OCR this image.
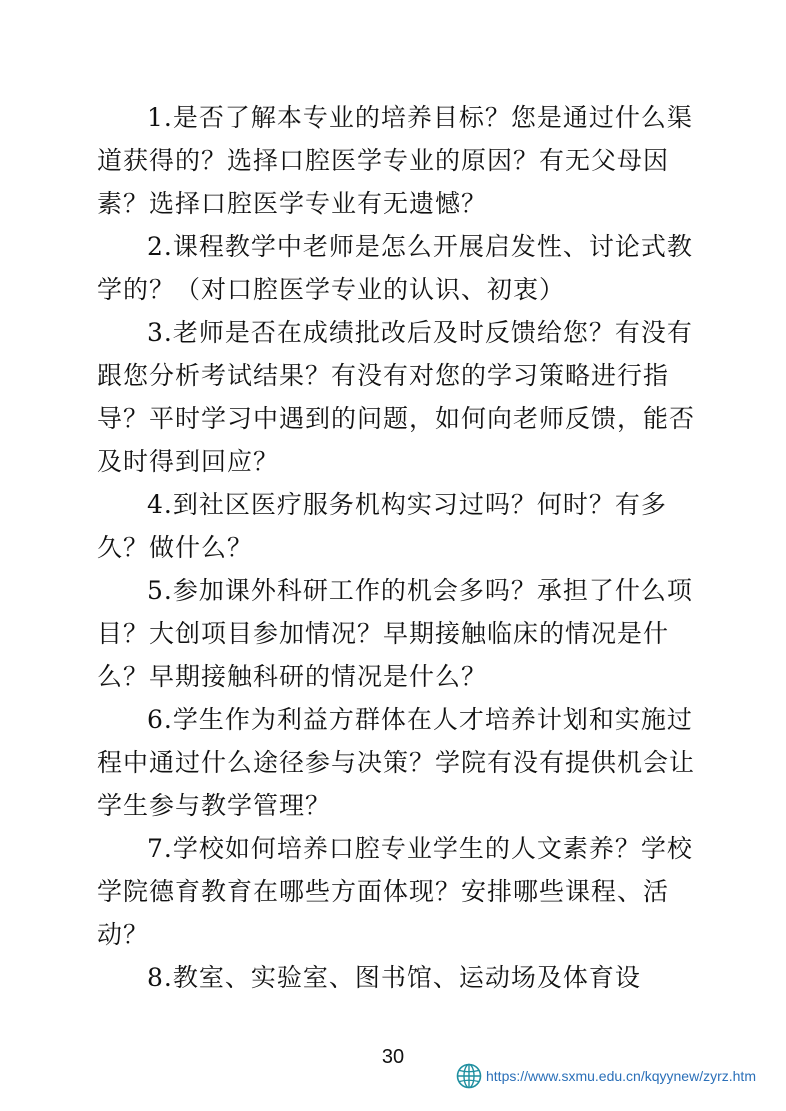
1.是否了解本专业的培养目标？您是通过什么渠道获得的？选择口腔医学专业的原因？有无父母因素？选择口腔医学专业有无遗憾？

2.课程教学中老师是怎么开展启发性、讨论式教学的？（对口腔医学专业的认识、初衷）

3.老师是否在成绩批改后及时反馈给您？有没有跟您分析考试结果？有没有对您的学习策略进行指导？平时学习中遇到的问题，如何向老师反馈，能否及时得到回应？

4.到社区医疗服务机构实习过吗？何时？有多久？做什么？

5.参加课外科研工作的机会多吗？承担了什么项目？大创项目参加情况？早期接触临床的情况是什么？早期接触科研的情况是什么？

6.学生作为利益方群体在人才培养计划和实施过程中通过什么途径参与决策？学院有没有提供机会让学生参与教学管理？

7.学校如何培养口腔专业学生的人文素养？学校学院德育教育在哪些方面体现？安排哪些课程、活动？

8.教室、实验室、图书馆、运动场及体育设

30
https://www.sxmu.edu.cn/kqyynew/zyrz.htm
